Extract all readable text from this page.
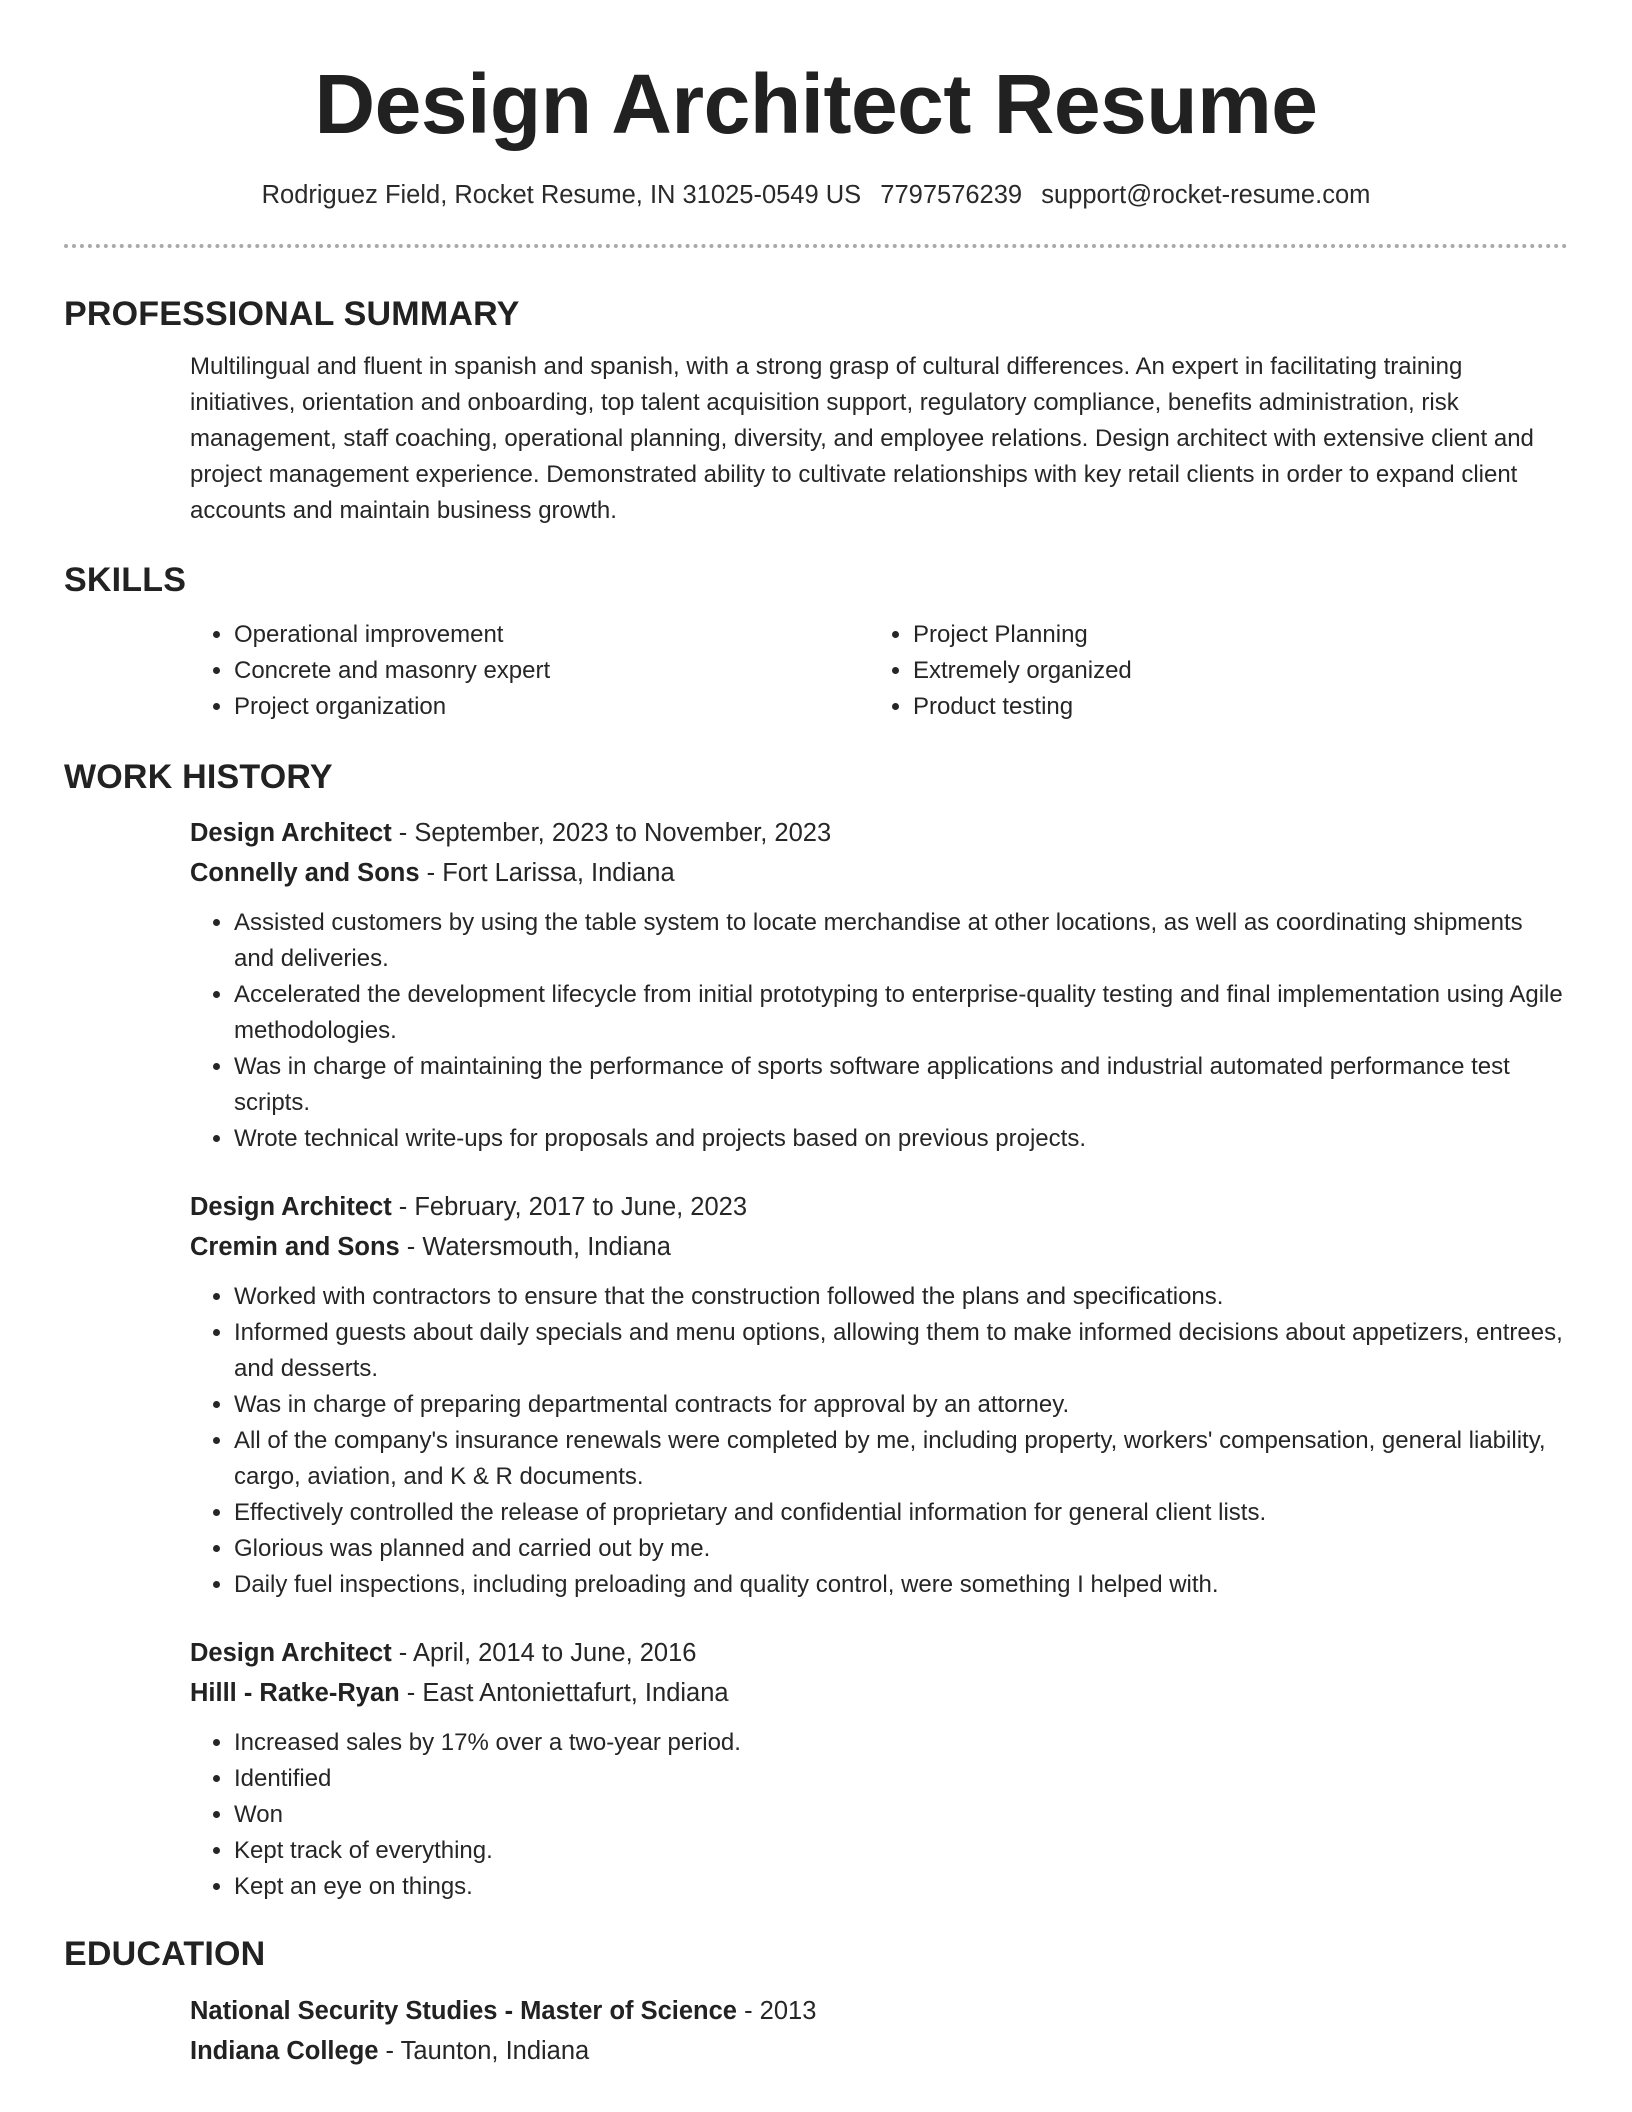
Design Architect Resume
Rodriguez Field, Rocket Resume, IN 31025-0549 US 7797576239 support@rocket-resume.com
PROFESSIONAL SUMMARY
Multilingual and fluent in spanish and spanish, with a strong grasp of cultural differences. An expert in facilitating training initiatives, orientation and onboarding, top talent acquisition support, regulatory compliance, benefits administration, risk management, staff coaching, operational planning, diversity, and employee relations. Design architect with extensive client and project management experience. Demonstrated ability to cultivate relationships with key retail clients in order to expand client accounts and maintain business growth.
SKILLS
• Operational improvement
• Concrete and masonry expert
• Project organization
• Project Planning
• Extremely organized
• Product testing
WORK HISTORY
Design Architect - September, 2023 to November, 2023
Connelly and Sons - Fort Larissa, Indiana
• Assisted customers by using the table system to locate merchandise at other locations, as well as coordinating shipments and deliveries.
• Accelerated the development lifecycle from initial prototyping to enterprise-quality testing and final implementation using Agile methodologies.
• Was in charge of maintaining the performance of sports software applications and industrial automated performance test scripts.
• Wrote technical write-ups for proposals and projects based on previous projects.
Design Architect - February, 2017 to June, 2023
Cremin and Sons - Watersmouth, Indiana
• Worked with contractors to ensure that the construction followed the plans and specifications.
• Informed guests about daily specials and menu options, allowing them to make informed decisions about appetizers, entrees, and desserts.
• Was in charge of preparing departmental contracts for approval by an attorney.
• All of the company's insurance renewals were completed by me, including property, workers' compensation, general liability, cargo, aviation, and K & R documents.
• Effectively controlled the release of proprietary and confidential information for general client lists.
• Glorious was planned and carried out by me.
• Daily fuel inspections, including preloading and quality control, were something I helped with.
Design Architect - April, 2014 to June, 2016
Hilll - Ratke-Ryan - East Antoniettafurt, Indiana
• Increased sales by 17% over a two-year period.
• Identified
• Won
• Kept track of everything.
• Kept an eye on things.
EDUCATION
National Security Studies - Master of Science - 2013
Indiana College - Taunton, Indiana
